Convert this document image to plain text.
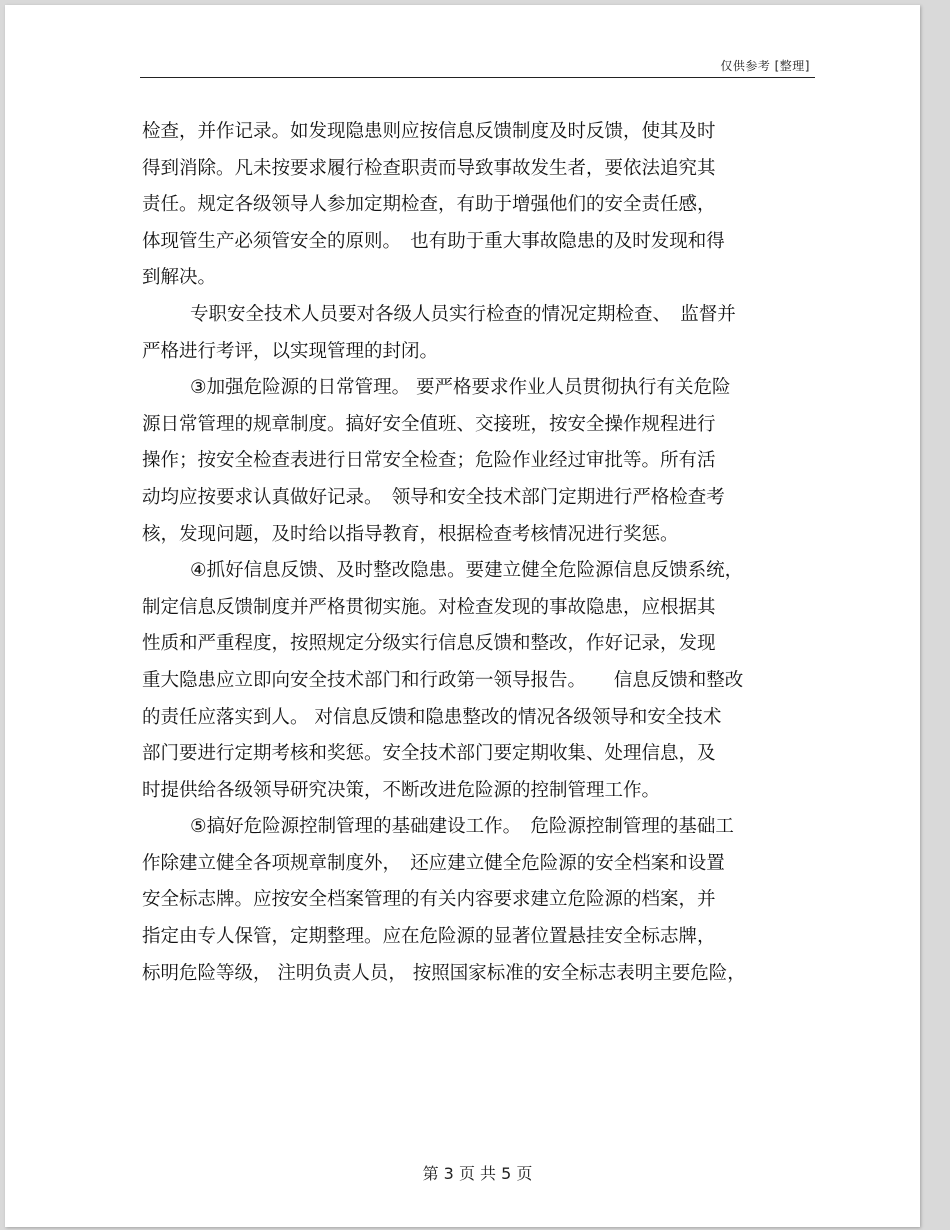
仅供参考 [整理]
检查，并作记录。如发现隐患则应按信息反馈制度及时反馈，使其及时
得到消除。凡未按要求履行检查职责而导致事故发生者，要依法追究其
责任。规定各级领导人参加定期检查，有助于增强他们的安全责任感，
体现管生产必须管安全的原则。　也有助于重大事故隐患的及时发现和得
到解决。
专职安全技术人员要对各级人员实行检查的情况定期检查、　监督并
严格进行考评，以实现管理的封闭。
③加强危险源的日常管理。 要严格要求作业人员贯彻执行有关危险
源日常管理的规章制度。搞好安全值班、交接班，按安全操作规程进行
操作；按安全检查表进行日常安全检查；危险作业经过审批等。所有活
动均应按要求认真做好记录。　领导和安全技术部门定期进行严格检查考
核，发现问题，及时给以指导教育，根据检查考核情况进行奖惩。
④抓好信息反馈、及时整改隐患。要建立健全危险源信息反馈系统，
制定信息反馈制度并严格贯彻实施。对检查发现的事故隐患，应根据其
性质和严重程度，按照规定分级实行信息反馈和整改，作好记录，发现
重大隐患应立即向安全技术部门和行政第一领导报告。　　信息反馈和整改
的责任应落实到人。 对信息反馈和隐患整改的情况各级领导和安全技术
部门要进行定期考核和奖惩。安全技术部门要定期收集、处理信息，及
时提供给各级领导研究决策，不断改进危险源的控制管理工作。
⑤搞好危险源控制管理的基础建设工作。　危险源控制管理的基础工
作除建立健全各项规章制度外，　还应建立健全危险源的安全档案和设置
安全标志牌。应按安全档案管理的有关内容要求建立危险源的档案，并
指定由专人保管，定期整理。应在危险源的显著位置悬挂安全标志牌，
标明危险等级， 注明负责人员， 按照国家标准的安全标志表明主要危险，
第 3 页 共 5 页
